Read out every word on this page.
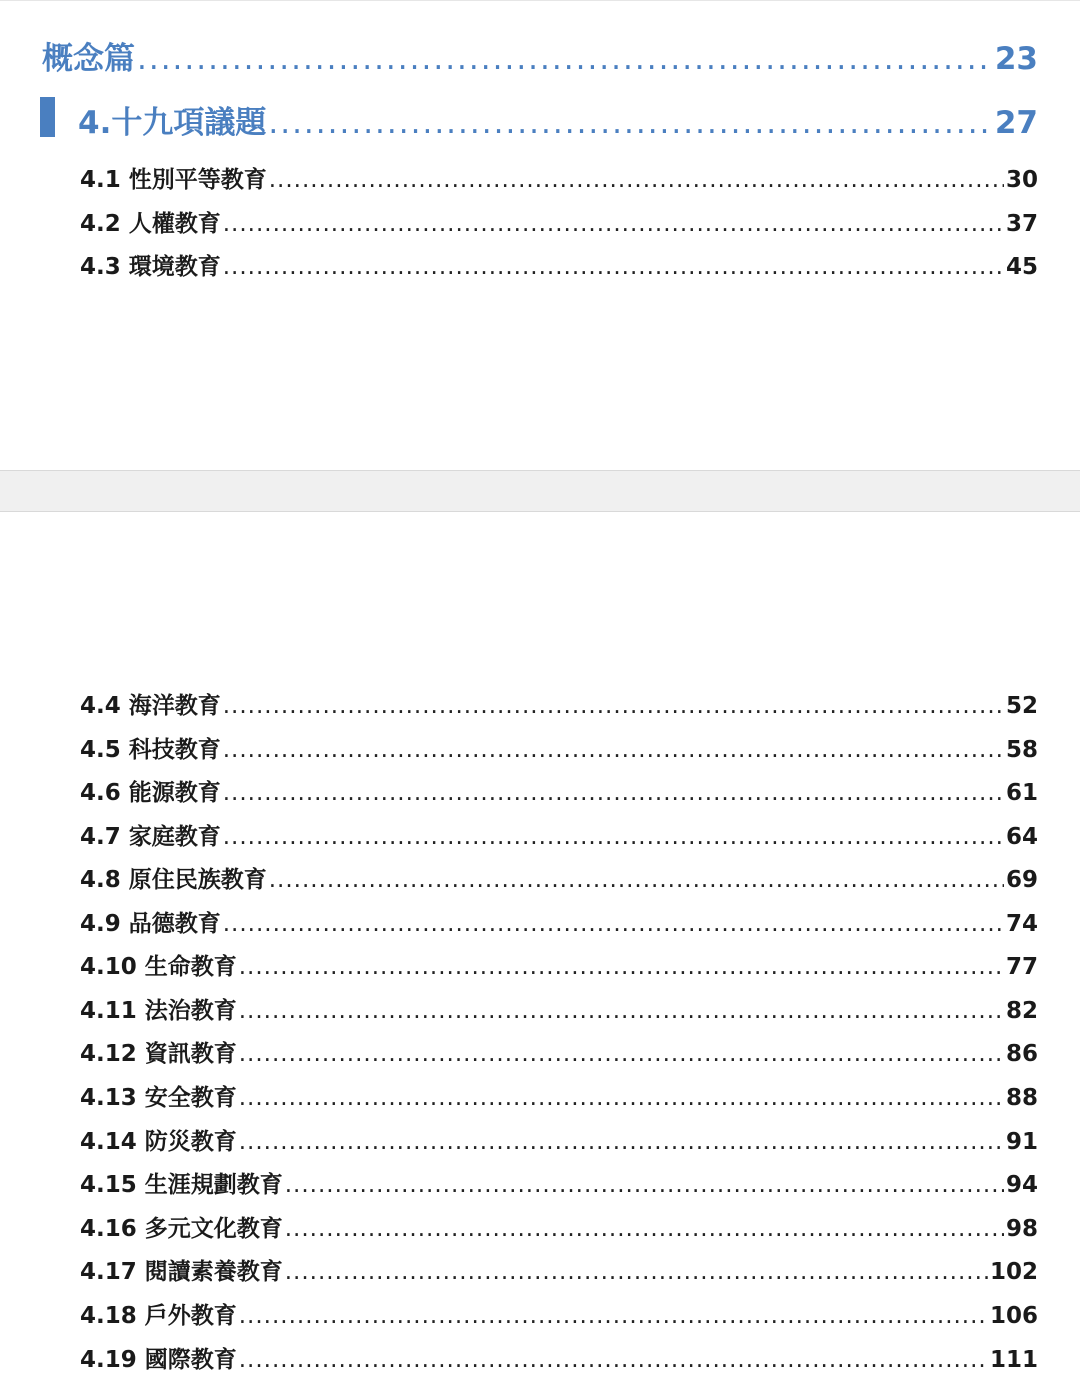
概念篇 .....	23
4.十九項議題 .....	27
4.1 性別平等教育 .....	30
4.2 人權教育 .....	37
4.3 環境教育 .....	45
4.4 海洋教育 .....	52
4.5 科技教育 .....	58
4.6 能源教育 .....	61
4.7 家庭教育 .....	64
4.8 原住民族教育 .....	69
4.9 品德教育 .....	74
4.10 生命教育 .....	77
4.11 法治教育 .....	82
4.12 資訊教育 .....	86
4.13 安全教育 .....	88
4.14 防災教育 .....	91
4.15 生涯規劃教育 .....	94
4.16 多元文化教育 .....	98
4.17 閱讀素養教育 .....	102
4.18 戶外教育 .....	106
4.19 國際教育 .....	111
